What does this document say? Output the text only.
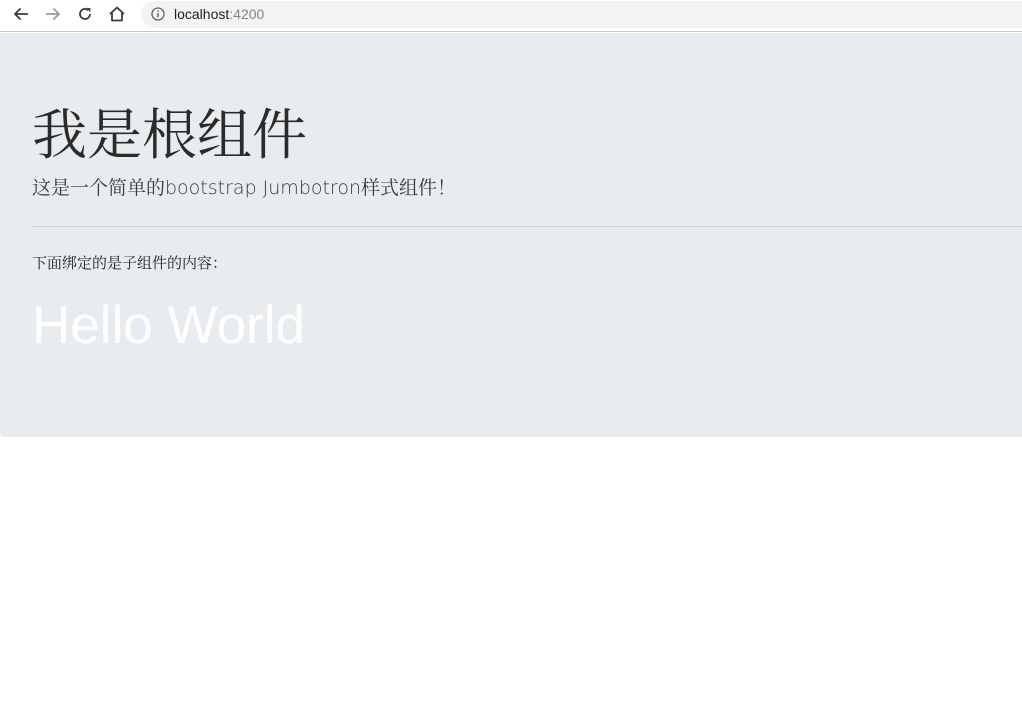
localhost:4200
我是根组件

这是一个简单的bootstrap Jumbotron样式组件！

下面绑定的是子组件的内容：

Hello World
